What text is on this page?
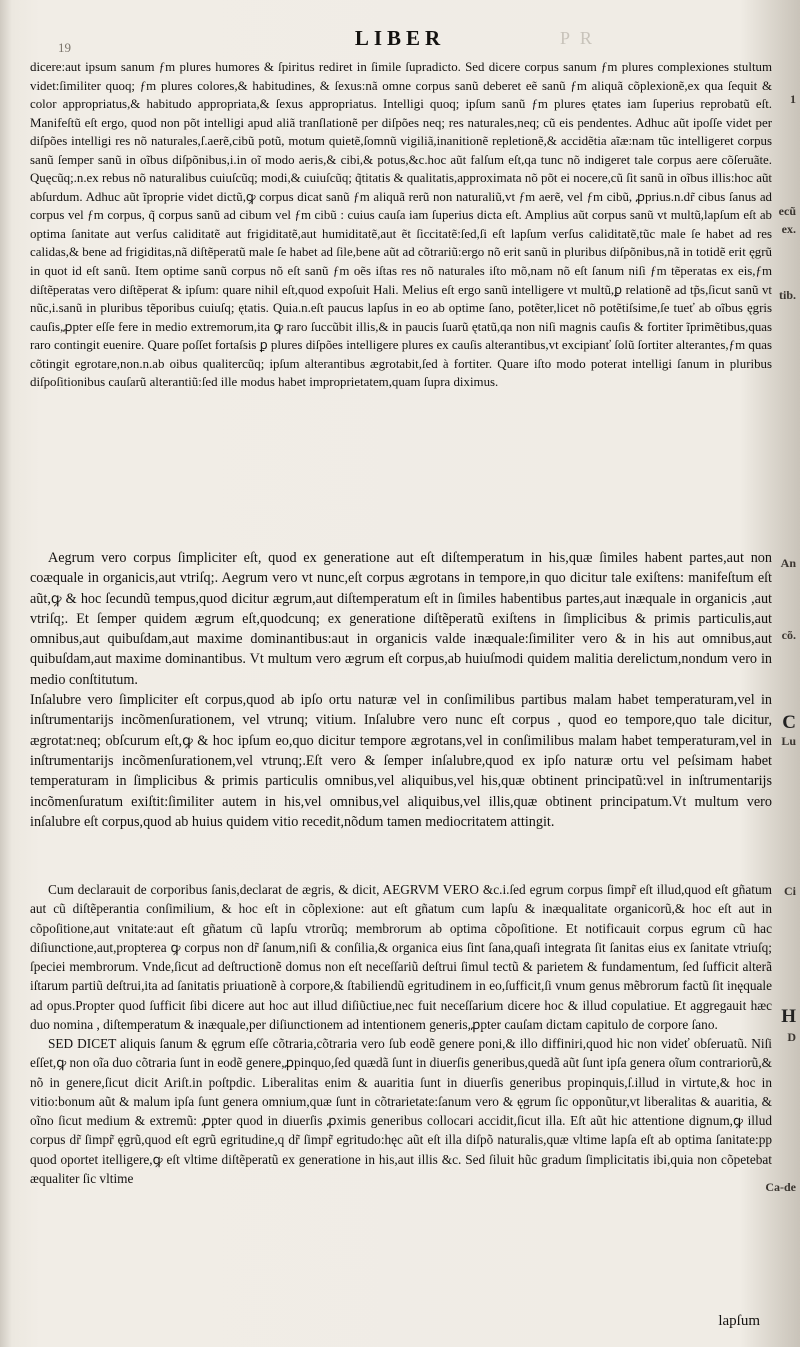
19	LIBER	P R

dicere:aut ipsum sanum ƒm plures humores & ſpiritus rediret in ſimile ſupradicto. Sed dicere corpus sanum ƒm plures complexiones stultum videt:ſimiliter quoq; ƒm plures colores,& habitudines, & ſexus:nã omne corpus sanũ deberet eẽ sanũ ƒm aliquã cõplexionẽ,ex qua ſequit & color appropriatus,& habitudo appropriata,& ſexus appropriatus. Intelligi quoq; ipſum sanũ ƒm plures ętates iam ſuperius reprobatũ eſt. Manifeſtũ eſt ergo, quod non põt intelligi apud aliã tranſlationẽ per diſpões neq; res naturales,neq; cũ eis pendentes. Adhuc aũt ipoſſe videt per diſpões intelligi res nõ naturales,ſ.aerẽ,cibũ potũ, motum quietẽ,ſomnũ vigiliã,inanitionẽ repletionẽ,& accidẽtia aĩæ:nam tũc intelligeret corpus sanũ ſemper sanũ in oĩbus diſpõnibus,i.in oĩ modo aeris,& cibi,& potus,&c.hoc aũt falſum eſt,qa tunc nõ indigeret tale corpus aere cõſeruãte. Quęcũq;.n.ex rebus nõ naturalibus cuiuſcũq; modi,& cuiuſcũq; q̃titatis & qualitatis,approximata nõ põt ei nocere,cũ ſit sanũ in oĩbus illis:hoc aũt abſurdum. Adhuc aũt ĩproprie videt dictũ,ꝙ corpus dicat sanũ ƒm aliquã rerũ non naturaliũ,vt ƒm aerẽ, vel ƒm cibũ, ꝓprius.n.dr̃ cibus ſanus ad corpus vel ƒm corpus, q̃ corpus sanũ ad cibum vel ƒm cibũ : cuius cauſa iam ſuperius dicta eſt. Amplius aũt corpus sanũ vt multũ,lapſum eſt ab optima ſanitate aut verſus caliditatẽ aut frigiditatẽ,aut humiditatẽ,aut ẽt ſiccitatẽ:ſed,ſi eſt lapſum verſus caliditatẽ,tũc male ſe habet ad res calidas,& bene ad frigiditas,nã diſtẽperatũ male ſe habet ad ſile,bene aũt ad cõtrariũ:ergo nõ erit sanũ in pluribus diſpõnibus,nã in totidẽ erit ęgrũ in quot id eſt sanũ. Item optime sanũ corpus nõ eſt sanũ ƒm oẽs iſtas res nõ naturales iſto mõ,nam nõ eſt ſanum niſi ƒm tẽperatas ex eis,ƒm diſtẽperatas vero diſtẽperat & ipſum: quare nihil eſt,quod expoſuit Hali. Melius eſt ergo sanũ intelligere vt multũ,ꝑ relationẽ ad tp̃s,ſicut sanũ vt nũc,i.sanũ in pluribus tẽporibus cuiuſq; ętatis. Quia.n.eſt paucus lapſus in eo ab optime ſano, potẽter,licet nõ potẽtiſsime,ſe tueť ab oĩbus ęgris cauſis,ꝓpter eſſe fere in medio extremorum,ita ꝙ raro ſuccũbit illis,& in paucis ſuarũ ętatũ,qa non niſi magnis cauſis & fortiter ĩprimẽtibus,quas raro contingit euenire. Quare poſſet fortaſsis ꝑ plures diſpões intelligere plures ex cauſis alterantibus,vt excipianť ſolũ ſortiter alterantes,ƒm quas cõtingit egrotare,non.n.ab oibus qualitercũq; ipſum alterantibus ægrotabit,ſed à fortiter. Quare iſto modo poterat intelligi ſanum in pluribus diſpoſitionibus cauſarũ alterantiũ:ſed ille modus habet improprietatem,quam ſupra diximus.

Aegrum vero corpus ſimpliciter eſt, quod ex generatione aut eſt diſtemperatum in his,quæ ſimiles habent partes,aut non coæquale in organicis,aut vtriſq;. Aegrum vero vt nunc,eſt corpus ægrotans in tempore,in quo dicitur tale exiſtens: manifeſtum eſt aũt,ꝙ & hoc ſecundũ tempus,quod dicitur ægrum,aut diſtemperatum eſt in ſimiles habentibus partes,aut inæquale in organicis ,aut vtriſq;. Et ſemper quidem ægrum eſt,quodcunq; ex generatione diſtẽperatũ exiſtens in ſimplicibus & primis particulis,aut omnibus,aut quibuſdam,aut maxime dominantibus:aut in organicis valde inæquale:ſimiliter vero & in his aut omnibus,aut quibuſdam,aut maxime dominantibus. Vt multum vero ægrum eſt corpus,ab huiuſmodi quidem malitia derelictum,nondum vero in medio conſtitutum.

Inſalubre vero ſimpliciter eſt corpus,quod ab ipſo ortu naturæ vel in conſimilibus partibus malam habet temperaturam,vel in inſtrumentarijs incõmenſurationem, vel vtrunq; vitium. Inſalubre vero nunc eſt corpus , quod eo tempore,quo tale dicitur, ægrotat:neq; obſcurum eſt,ꝙ & hoc ipſum eo,quo dicitur tempore ægrotans,vel in conſimilibus malam habet temperaturam,vel in inſtrumentarijs incõmenſurationem,vel vtrunq;.Eſt vero & ſemper inſalubre,quod ex ipſo naturæ ortu vel peſsimam habet temperaturam in ſimplicibus & primis particulis omnibus,vel aliquibus,vel his,quæ obtinent principatũ:vel in inſtrumentarijs incõmenſuratum exiſtit:ſimiliter autem in his,vel omnibus,vel aliquibus,vel illis,quæ obtinent principatum.Vt multum vero inſalubre eſt corpus,quod ab huius quidem vitio recedit,nõdum tamen mediocritatem attingit.

Cum declarauit de corporibus ſanis,declarat de ægris, & dicit, AEGRVM VERO &c.i.ſed egrum corpus ſimpr̃ eſt illud,quod eſt gñatum aut cũ diſtẽperantia conſimilium, & hoc eſt in cõplexione: aut eſt gñatum cum lapſu & inæqualitate organicorũ,& hoc eſt aut in cõpoſitione,aut vnitate:aut eſt gñatum cũ lapſu vtrorũq; membrorum ab optima cõpoſitione. Et notificauit corpus egrum cũ hac diſiunctione,aut,propterea ꝙ corpus non dr̃ ſanum,niſi & conſilia,& organica eius ſint ſana,quaſi integrata ſit ſanitas eius ex ſanitate vtriuſq; ſpeciei membrorum. Vnde,ſicut ad deſtructionẽ domus non eſt neceſſariũ deſtrui ſimul tectũ & parietem & fundamentum, ſed ſufficit alterã iſtarum partiũ deſtrui,ita ad ſanitatis priuationẽ à corpore,& ſtabiliendũ egritudinem in eo,ſufficit,ſi vnum genus mẽbrorum factũ ſit inęquale ad opus.Propter quod ſufficit ſibi dicere aut hoc aut illud diſiũctiue,nec fuit neceſſarium dicere hoc & illud copulatiue. Et aggregauit hæc duo nomina , diſtemperatum & inæquale,per diſiunctionem ad intentionem generis,ꝓpter cauſam dictam capitulo de corpore ſano.

SED DICET aliquis ſanum & ęgrum eſſe cõtraria,cõtraria vero ſub eodẽ genere poni,& illo diffiniri,quod hic non videť obſeruatũ. Niſi eſſet,ꝙ non oĩa duo cõtraria ſunt in eodẽ genere,ꝓpinquo,ſed quædã ſunt in diuerſis generibus,quedã aũt ſunt ipſa genera oĩum contrariorũ,& nõ in genere,ſicut dicit Ariſt.in poſtpdic. Liberalitas enim & auaritia ſunt in diuerſis generibus propinquis,ſ.illud in virtute,& hoc in vitio:bonum aũt & malum ipſa ſunt genera omnium,quæ ſunt in cõtrarietate:ſanum vero & ęgrum ſic opponũtur,vt liberalitas & auaritia, & oĩno ſicut medium & extremũ: ꝓpter quod in diuerſis ꝓximis generibus collocari accidit,ſicut illa. Eſt aũt hic attentione dignum,ꝙ illud corpus dr̃ ſimpr̃ ęgrũ,quod eſt egrũ egritudine,q dr̃ ſimpr̃ egritudo:hęc aũt eſt illa diſpõ naturalis,quæ vltime lapſa eſt ab optima ſanitate:pp quod oportet itelligere,ꝙ eſt vltime diſtẽperatũ ex generatione in his,aut illis &c. Sed ſiluit hũc gradum ſimplicitatis ibi,quia non cõpetebat æqualiter ſic vltime

lapſum
1
ecũ
ex.
tib.
An
cõ.
C
Lu
Ci
H
D
Ca-de
